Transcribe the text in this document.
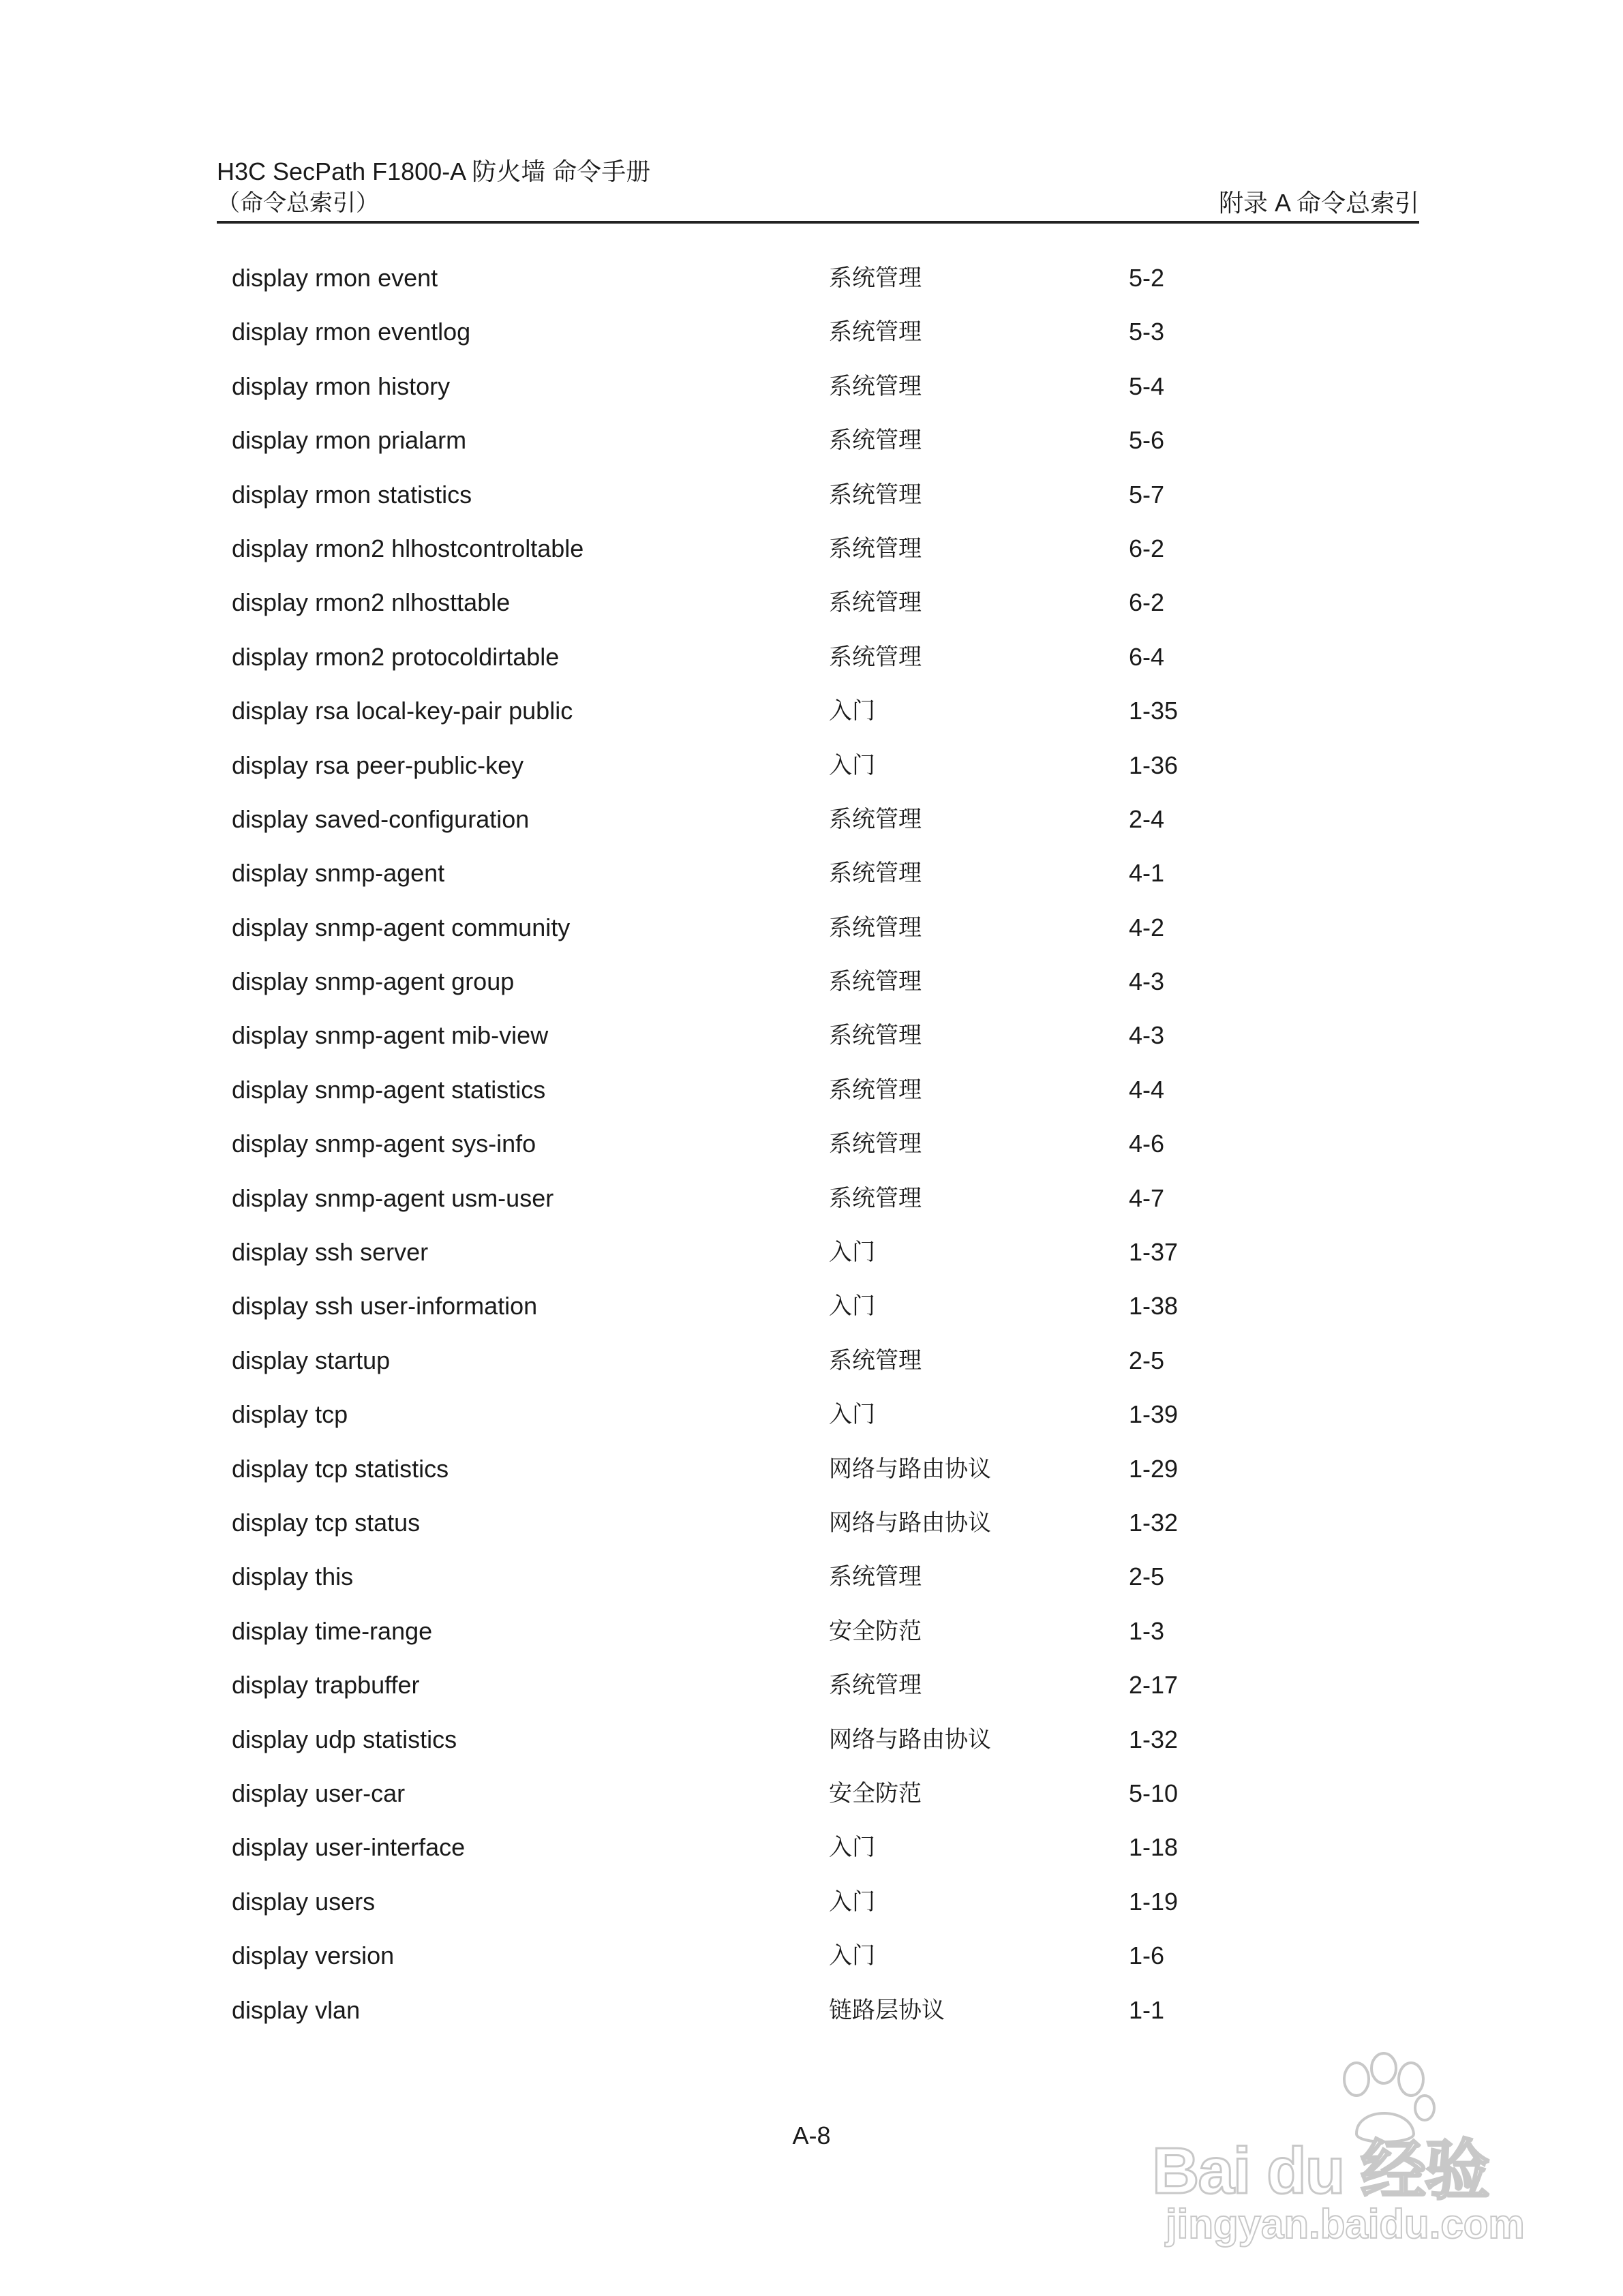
H3C SecPath F1800-A 防火墙 命令手册
（命令总索引）	附录 A 命令总索引
display rmon event	系统管理	5-2
display rmon eventlog	系统管理	5-3
display rmon history	系统管理	5-4
display rmon prialarm	系统管理	5-6
display rmon statistics	系统管理	5-7
display rmon2 hlhostcontroltable	系统管理	6-2
display rmon2 nlhosttable	系统管理	6-2
display rmon2 protocoldirtable	系统管理	6-4
display rsa local-key-pair public	入门	1-35
display rsa peer-public-key	入门	1-36
display saved-configuration	系统管理	2-4
display snmp-agent	系统管理	4-1
display snmp-agent community	系统管理	4-2
display snmp-agent group	系统管理	4-3
display snmp-agent mib-view	系统管理	4-3
display snmp-agent statistics	系统管理	4-4
display snmp-agent sys-info	系统管理	4-6
display snmp-agent usm-user	系统管理	4-7
display ssh server	入门	1-37
display ssh user-information	入门	1-38
display startup	系统管理	2-5
display tcp	入门	1-39
display tcp statistics	网络与路由协议	1-29
display tcp status	网络与路由协议	1-32
display this	系统管理	2-5
display time-range	安全防范	1-3
display trapbuffer	系统管理	2-17
display udp statistics	网络与路由协议	1-32
display user-car	安全防范	5-10
display user-interface	入门	1-18
display users	入门	1-19
display version	入门	1-6
display vlan	链路层协议	1-1
A-8	Bai du 经验
jingyan.baidu.com
